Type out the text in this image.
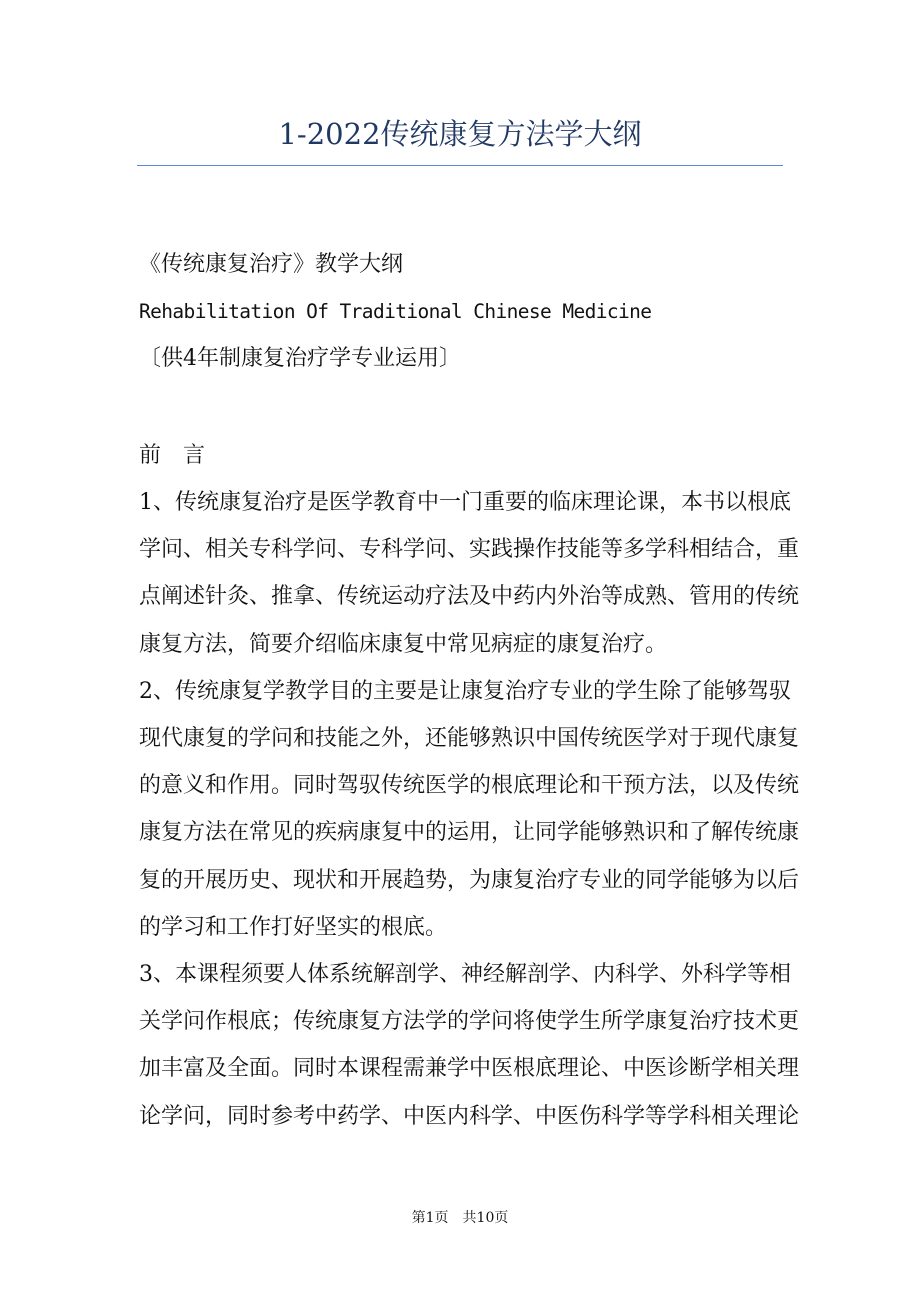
1-2022传统康复方法学大纲
《传统康复治疗》教学大纲
Rehabilitation Of Traditional Chinese Medicine
〔供4年制康复治疗学专业运用〕
前　言
1、传统康复治疗是医学教育中一门重要的临床理论课，本书以根底
学问、相关专科学问、专科学问、实践操作技能等多学科相结合，重
点阐述针灸、推拿、传统运动疗法及中药内外治等成熟、管用的传统
康复方法，简要介绍临床康复中常见病症的康复治疗。
2、传统康复学教学目的主要是让康复治疗专业的学生除了能够驾驭
现代康复的学问和技能之外，还能够熟识中国传统医学对于现代康复
的意义和作用。同时驾驭传统医学的根底理论和干预方法，以及传统
康复方法在常见的疾病康复中的运用，让同学能够熟识和了解传统康
复的开展历史、现状和开展趋势，为康复治疗专业的同学能够为以后
的学习和工作打好坚实的根底。
3、本课程须要人体系统解剖学、神经解剖学、内科学、外科学等相
关学问作根底；传统康复方法学的学问将使学生所学康复治疗技术更
加丰富及全面。同时本课程需兼学中医根底理论、中医诊断学相关理
论学问，同时参考中药学、中医内科学、中医伤科学等学科相关理论
第1页　共10页
